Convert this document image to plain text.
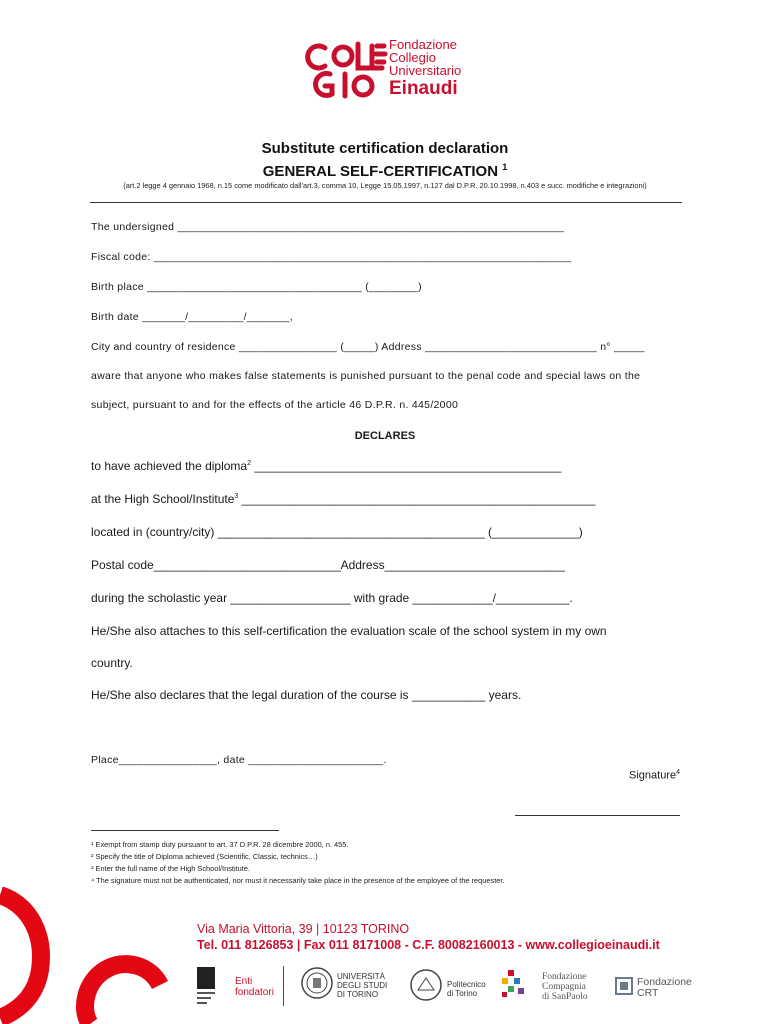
Fondazione
Collegio
Universitario
Einaudi
Substitute certification declaration
GENERAL SELF-CERTIFICATION $^1$
(art.2 legge 4 gennaio 1968, n.15 come modificato dall'art.3, comma 10, Legge 15.05.1997, n.127 dal D.P.R. 20.10.1998, n.403 e succ. modifiche e integrazioni)
The undersigned _______________________________________________________________
Fiscal code: ____________________________________________________________________
Birth place ___________________________________ (________)
Birth date _______/_________/_______,
City and country of residence ________________ (_____) Address ____________________________ n° _____
aware that anyone who makes false statements is punished pursuant to the penal code and special laws on the
subject, pursuant to and for the effects of the article 46 D.P.R. n. 445/2000
DECLARES
to have achieved the diploma$^2$ ______________________________________________
at the High School/Institute$^3$ _____________________________________________________
located in (country/city) ________________________________________ (_____________)
Postal code____________________________Address___________________________
during the scholastic year __________________ with grade ____________/___________.
He/She also attaches to this self-certification the evaluation scale of the school system in my own
country.
He/She also declares that the legal duration of the course is ___________ years.
Place________________, date ______________________.
Signature$^4$
¹ Exempt from stamp duty pursuant to art. 37 D.P.R. 28 dicembre 2000, n. 455.
² Specify the title of Diploma achieved (Scientific, Classic, technics…)
³ Enter the full name of the High School/Institute.
⁴ The signature must not be authenticated, nor must it necessarily take place in the presence of the employee of the requester.
Via Maria Vittoria, 39 | 10123 TORINO
Tel. 011 8126853 | Fax 011 8171008 - C.F. 80082160013 - www.collegioeinaudi.it
Enti
fondatori
UNIVERSITÀ
DEGLI STUDI
DI TORINO
Politecnico
di Torino
Fondazione
Compagnia
di SanPaolo
Fondazione
CRT
